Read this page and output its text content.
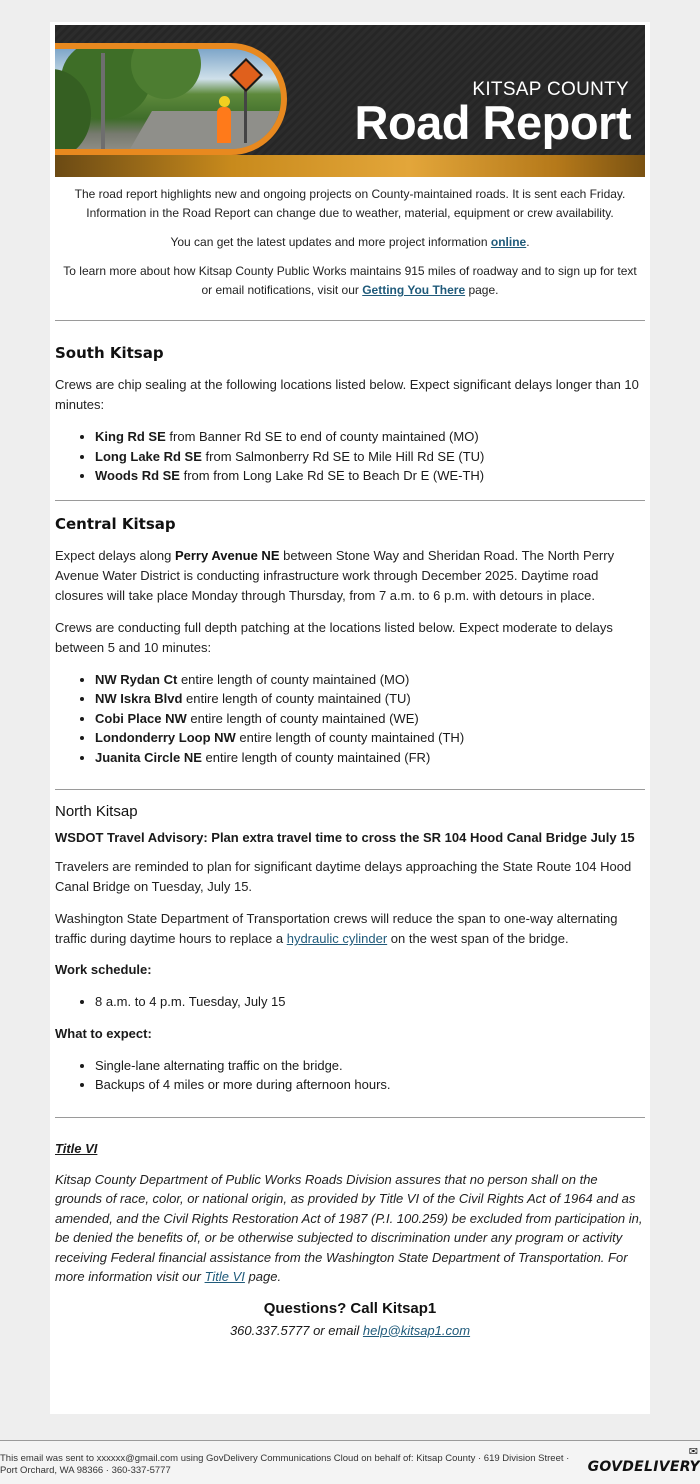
KITSAP COUNTY
Road Report

The road report highlights new and ongoing projects on County-maintained roads. It is sent each Friday. Information in the Road Report can change due to weather, material, equipment or crew availability.

You can get the latest updates and more project information online.

To learn more about how Kitsap County Public Works maintains 915 miles of roadway and to sign up for text or email notifications, visit our Getting You There page.

South Kitsap

Crews are chip sealing at the following locations listed below. Expect significant delays longer than 10 minutes:

• King Rd SE from Banner Rd SE to end of county maintained (MO)
• Long Lake Rd SE from Salmonberry Rd SE to Mile Hill Rd SE (TU)
• Woods Rd SE from from Long Lake Rd SE to Beach Dr E (WE-TH)
Central Kitsap

Expect delays along Perry Avenue NE between Stone Way and Sheridan Road. The North Perry Avenue Water District is conducting infrastructure work through December 2025. Daytime road closures will take place Monday through Thursday, from 7 a.m. to 6 p.m. with detours in place.

Crews are conducting full depth patching at the locations listed below. Expect moderate to delays between 5 and 10 minutes:

• NW Rydan Ct entire length of county maintained (MO)
• NW Iskra Blvd entire length of county maintained (TU)
• Cobi Place NW entire length of county maintained (WE)
• Londonderry Loop NW entire length of county maintained (TH)
• Juanita Circle NE entire length of county maintained (FR)
North Kitsap

WSDOT Travel Advisory: Plan extra travel time to cross the SR 104 Hood Canal Bridge July 15

Travelers are reminded to plan for significant daytime delays approaching the State Route 104 Hood Canal Bridge on Tuesday, July 15.

Washington State Department of Transportation crews will reduce the span to one-way alternating traffic during daytime hours to replace a hydraulic cylinder on the west span of the bridge.

Work schedule:

• 8 a.m. to 4 p.m. Tuesday, July 15

What to expect:

• Single-lane alternating traffic on the bridge.
• Backups of 4 miles or more during afternoon hours.

Title VI

Kitsap County Department of Public Works Roads Division assures that no person shall on the grounds of race, color, or national origin, as provided by Title VI of the Civil Rights Act of 1964 and as amended, and the Civil Rights Restoration Act of 1987 (P.I. 100.259) be excluded from participation in, be denied the benefits of, or be otherwise subjected to discrimination under any program or activity receiving Federal financial assistance from the Washington State Department of Transportation. For more information visit our Title VI page.

Questions? Call Kitsap1

360.337.5777 or email help@kitsap1.com

This email was sent to xxxxxx@gmail.com using GovDelivery Communications Cloud on behalf of: Kitsap County · 619 Division Street · Port Orchard, WA 98366 · 360-337-5777
✉
GOVDELIVERY
